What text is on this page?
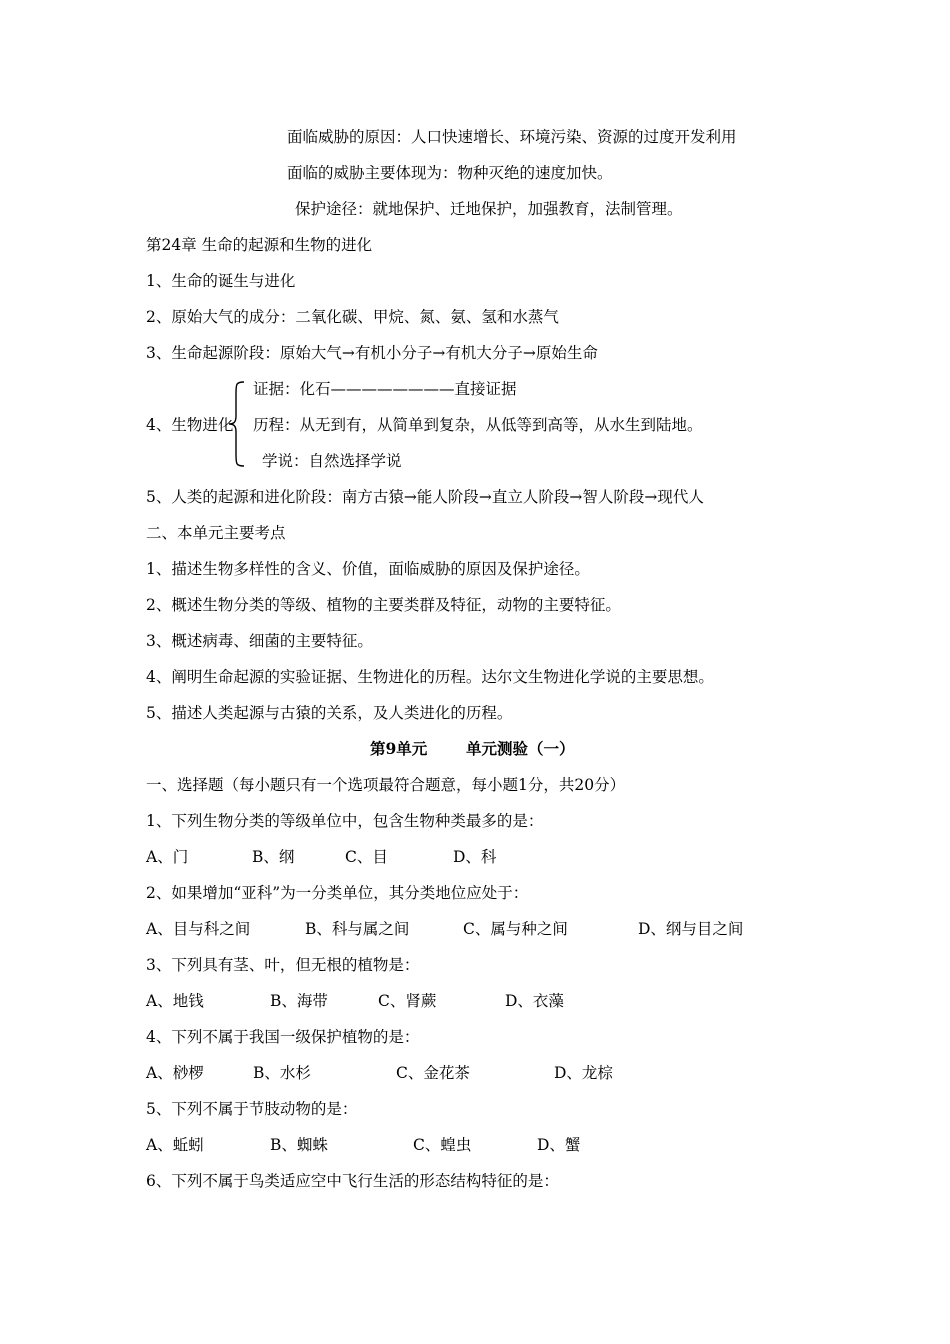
面临威胁的原因：人口快速增长、环境污染、资源的过度开发利用
面临的威胁主要体现为：物种灭绝的速度加快。
保护途径：就地保护、迁地保护，加强教育，法制管理。
第24章 生命的起源和生物的进化
1、生命的诞生与进化
2、原始大气的成分：二氧化碳、甲烷、氮、氨、氢和水蒸气
3、生命起源阶段：原始大气→有机小分子→有机大分子→原始生命
证据：化石————————直接证据
4、生物进化 历程：从无到有，从简单到复杂，从低等到高等，从水生到陆地。
学说：自然选择学说
5、人类的起源和进化阶段：南方古猿→能人阶段→直立人阶段→智人阶段→现代人
二、本单元主要考点
1、描述生物多样性的含义、价值，面临威胁的原因及保护途径。
2、概述生物分类的等级、植物的主要类群及特征，动物的主要特征。
3、概述病毒、细菌的主要特征。
4、阐明生命起源的实验证据、生物进化的历程。达尔文生物进化学说的主要思想。
5、描述人类起源与古猿的关系，及人类进化的历程。
第9单元 单元测验（一）
一、选择题（每小题只有一个选项最符合题意，每小题1分，共20分）
1、下列生物分类的等级单位中，包含生物种类最多的是：
A、门	B、纲	C、目	D、科
2、如果增加“亚科”为一分类单位，其分类地位应处于：
A、目与科之间	B、科与属之间	C、属与种之间	D、纲与目之间
3、下列具有茎、叶，但无根的植物是：
A、地钱	B、海带	C、肾蕨	D、衣藻
4、下列不属于我国一级保护植物的是：
A、桫椤	B、水杉	C、金花茶	D、龙棕
5、下列不属于节肢动物的是：
A、蚯蚓	B、蜘蛛	C、蝗虫	D、蟹
6、下列不属于鸟类适应空中飞行生活的形态结构特征的是：
